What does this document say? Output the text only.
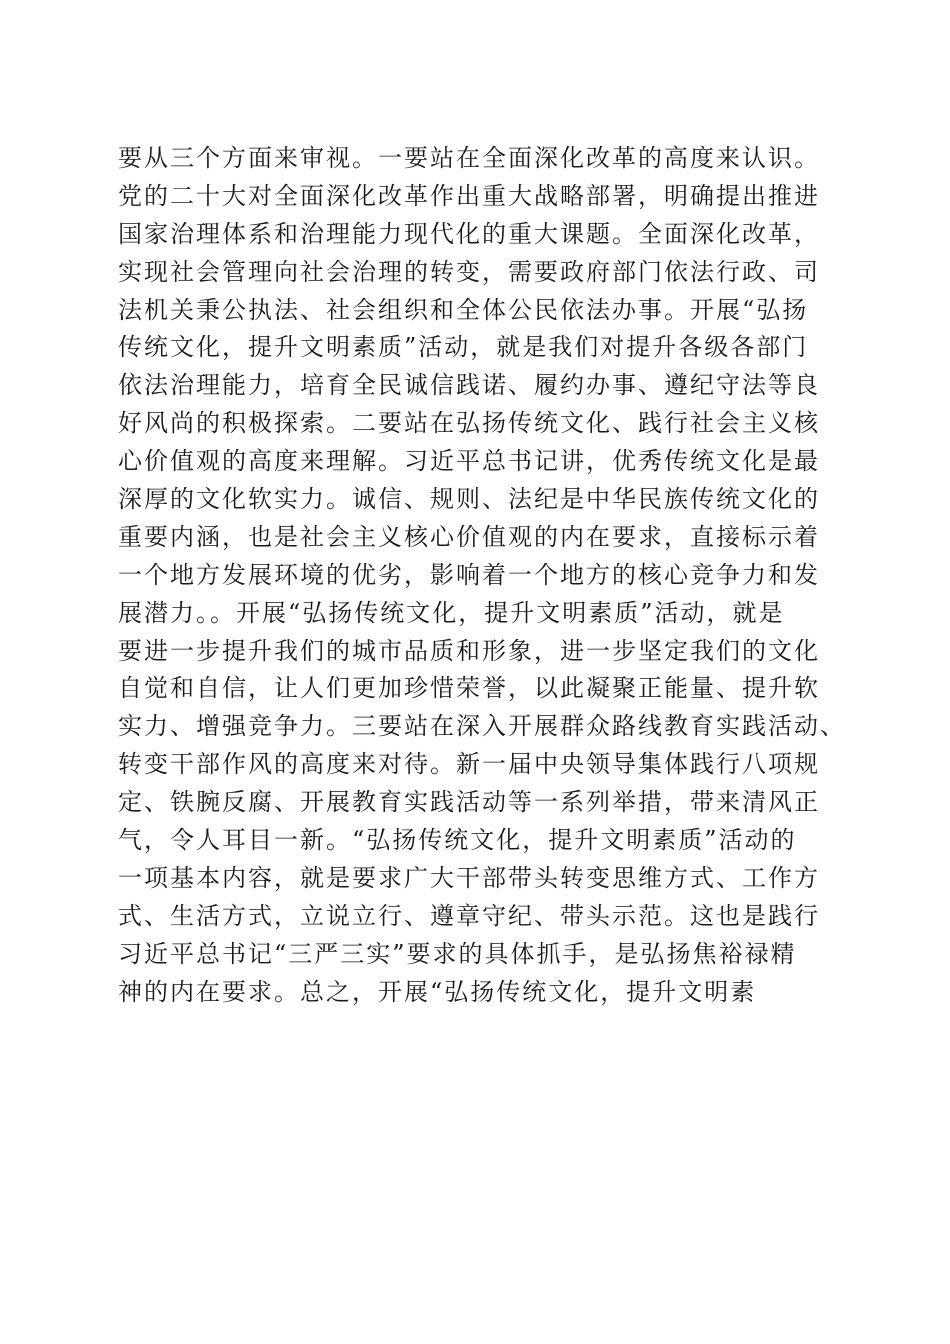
要从三个方面来审视。一要站在全面深化改革的高度来认识。
党的二十大对全面深化改革作出重大战略部署，明确提出推进
国家治理体系和治理能力现代化的重大课题。全面深化改革，
实现社会管理向社会治理的转变，需要政府部门依法行政、司
法机关秉公执法、社会组织和全体公民依法办事。开展“弘扬
传统文化，提升文明素质”活动，就是我们对提升各级各部门
依法治理能力，培育全民诚信践诺、履约办事、遵纪守法等良
好风尚的积极探索。二要站在弘扬传统文化、践行社会主义核
心价值观的高度来理解。习近平总书记讲，优秀传统文化是最
深厚的文化软实力。诚信、规则、法纪是中华民族传统文化的
重要内涵，也是社会主义核心价值观的内在要求，直接标示着
一个地方发展环境的优劣，影响着一个地方的核心竞争力和发
展潜力。。开展“弘扬传统文化，提升文明素质”活动，就是
要进一步提升我们的城市品质和形象，进一步坚定我们的文化
自觉和自信，让人们更加珍惜荣誉，以此凝聚正能量、提升软
实力、增强竞争力。三要站在深入开展群众路线教育实践活动、
转变干部作风的高度来对待。新一届中央领导集体践行八项规
定、铁腕反腐、开展教育实践活动等一系列举措，带来清风正
气，令人耳目一新。“弘扬传统文化，提升文明素质”活动的
一项基本内容，就是要求广大干部带头转变思维方式、工作方
式、生活方式，立说立行、遵章守纪、带头示范。这也是践行
习近平总书记“三严三实”要求的具体抓手，是弘扬焦裕禄精
神的内在要求。总之，开展“弘扬传统文化，提升文明素
